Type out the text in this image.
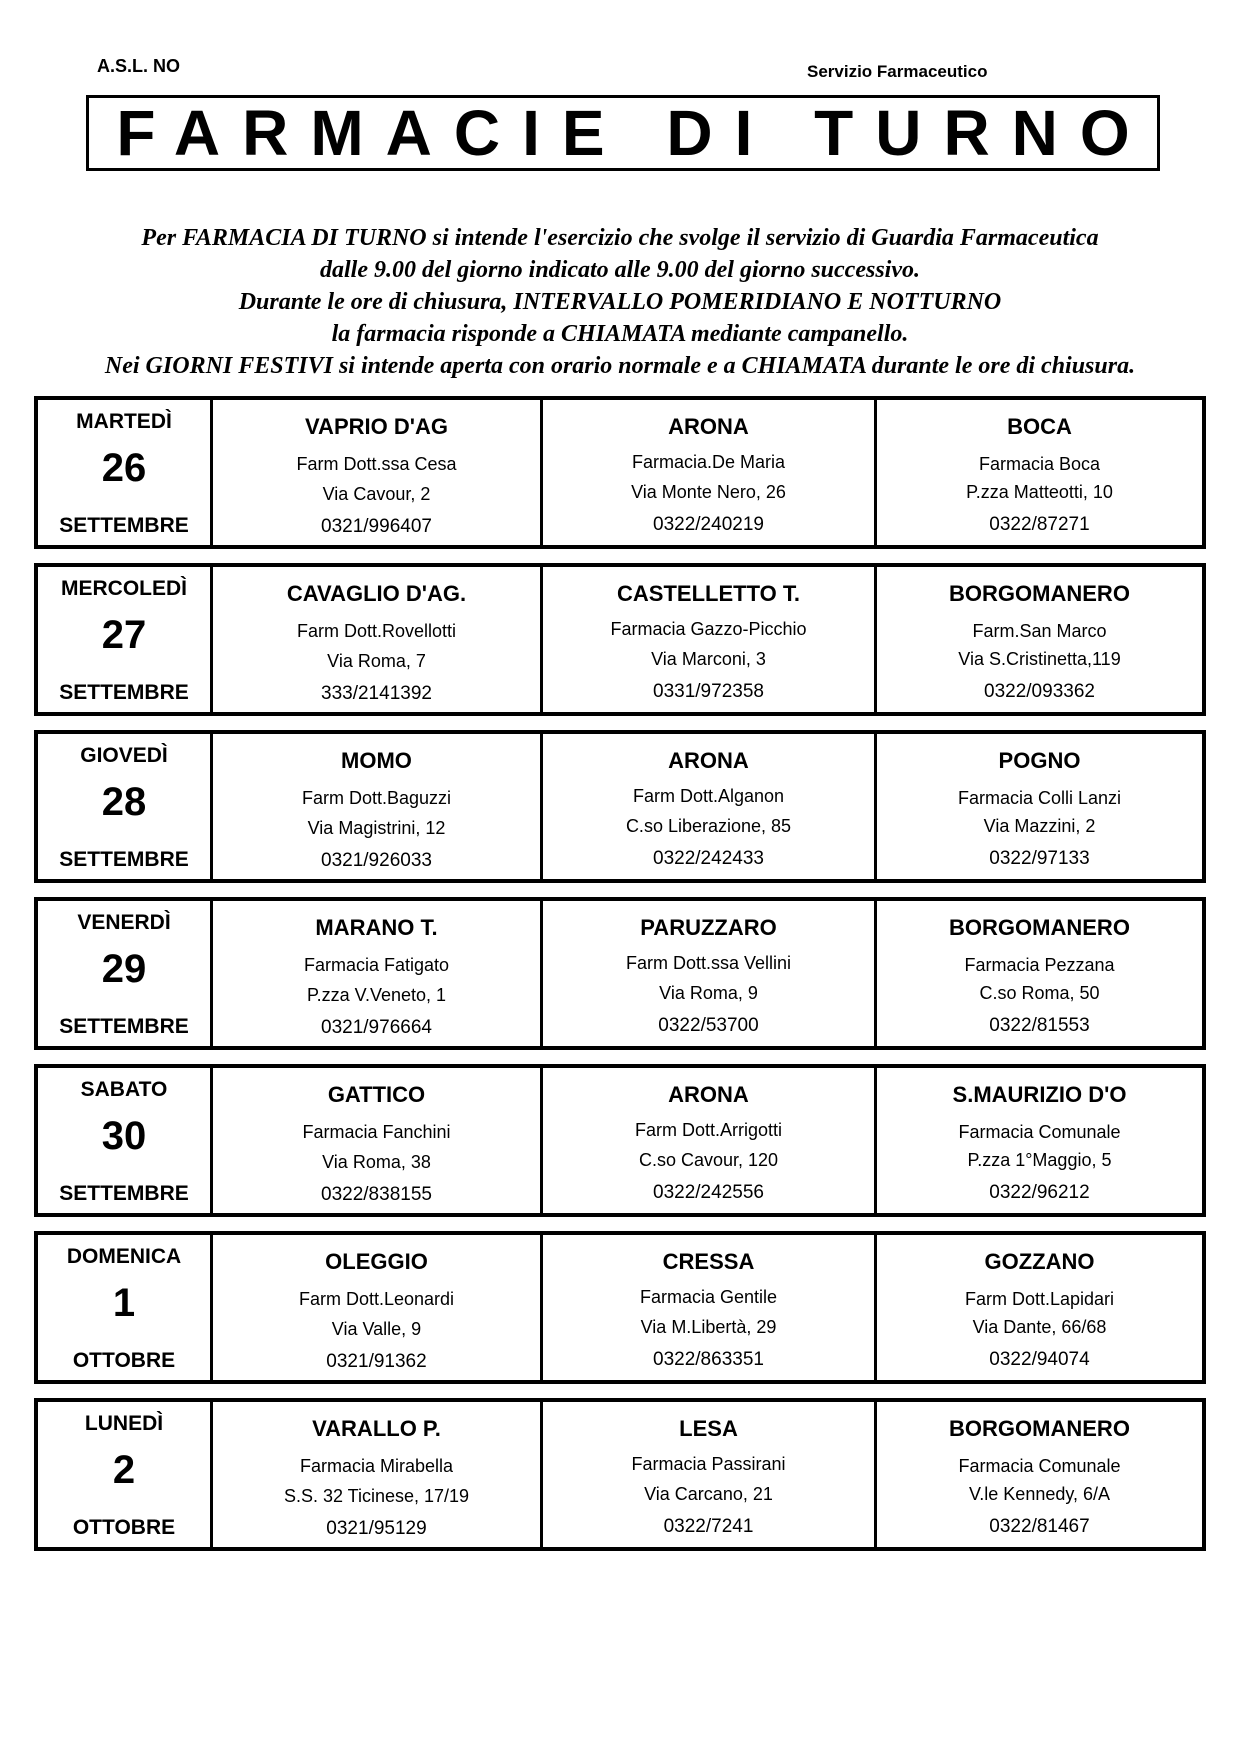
A.S.L. NO	Servizio Farmaceutico
FARMACIE DI TURNO
Per FARMACIA DI TURNO si intende l'esercizio che svolge il servizio di Guardia Farmaceutica
dalle 9.00 del giorno indicato alle 9.00 del giorno successivo.
Durante le ore di chiusura, INTERVALLO POMERIDIANO E NOTTURNO
la farmacia risponde a CHIAMATA mediante campanello.
Nei GIORNI FESTIVI si intende aperta con orario normale e a CHIAMATA durante le ore di chiusura.
MARTEDÌ
26
SETTEMBRE
VAPRIO D'AG
Farm Dott.ssa Cesa
Via Cavour, 2
0321/996407
ARONA
Farmacia.De Maria
Via Monte Nero, 26
0322/240219
BOCA
Farmacia Boca
P.zza Matteotti, 10
0322/87271
MERCOLEDÌ
27
SETTEMBRE
CAVAGLIO D'AG.
Farm Dott.Rovellotti
Via Roma, 7
333/2141392
CASTELLETTO T.
Farmacia Gazzo-Picchio
Via Marconi, 3
0331/972358
BORGOMANERO
Farm.San Marco
Via S.Cristinetta,119
0322/093362
GIOVEDÌ
28
SETTEMBRE
MOMO
Farm Dott.Baguzzi
Via Magistrini, 12
0321/926033
ARONA
Farm Dott.Alganon
C.so Liberazione, 85
0322/242433
POGNO
Farmacia Colli Lanzi
Via Mazzini, 2
0322/97133
VENERDÌ
29
SETTEMBRE
MARANO T.
Farmacia Fatigato
P.zza V.Veneto, 1
0321/976664
PARUZZARO
Farm Dott.ssa Vellini
Via Roma, 9
0322/53700
BORGOMANERO
Farmacia Pezzana
C.so Roma, 50
0322/81553
SABATO
30
SETTEMBRE
GATTICO
Farmacia Fanchini
Via Roma, 38
0322/838155
ARONA
Farm Dott.Arrigotti
C.so Cavour, 120
0322/242556
S.MAURIZIO D'O
Farmacia Comunale
P.zza 1°Maggio, 5
0322/96212
DOMENICA
1
OTTOBRE
OLEGGIO
Farm Dott.Leonardi
Via Valle, 9
0321/91362
CRESSA
Farmacia Gentile
Via M.Libertà, 29
0322/863351
GOZZANO
Farm Dott.Lapidari
Via Dante, 66/68
0322/94074
LUNEDÌ
2
OTTOBRE
VARALLO P.
Farmacia Mirabella
S.S. 32 Ticinese, 17/19
0321/95129
LESA
Farmacia Passirani
Via Carcano, 21
0322/7241
BORGOMANERO
Farmacia Comunale
V.le Kennedy, 6/A
0322/81467
